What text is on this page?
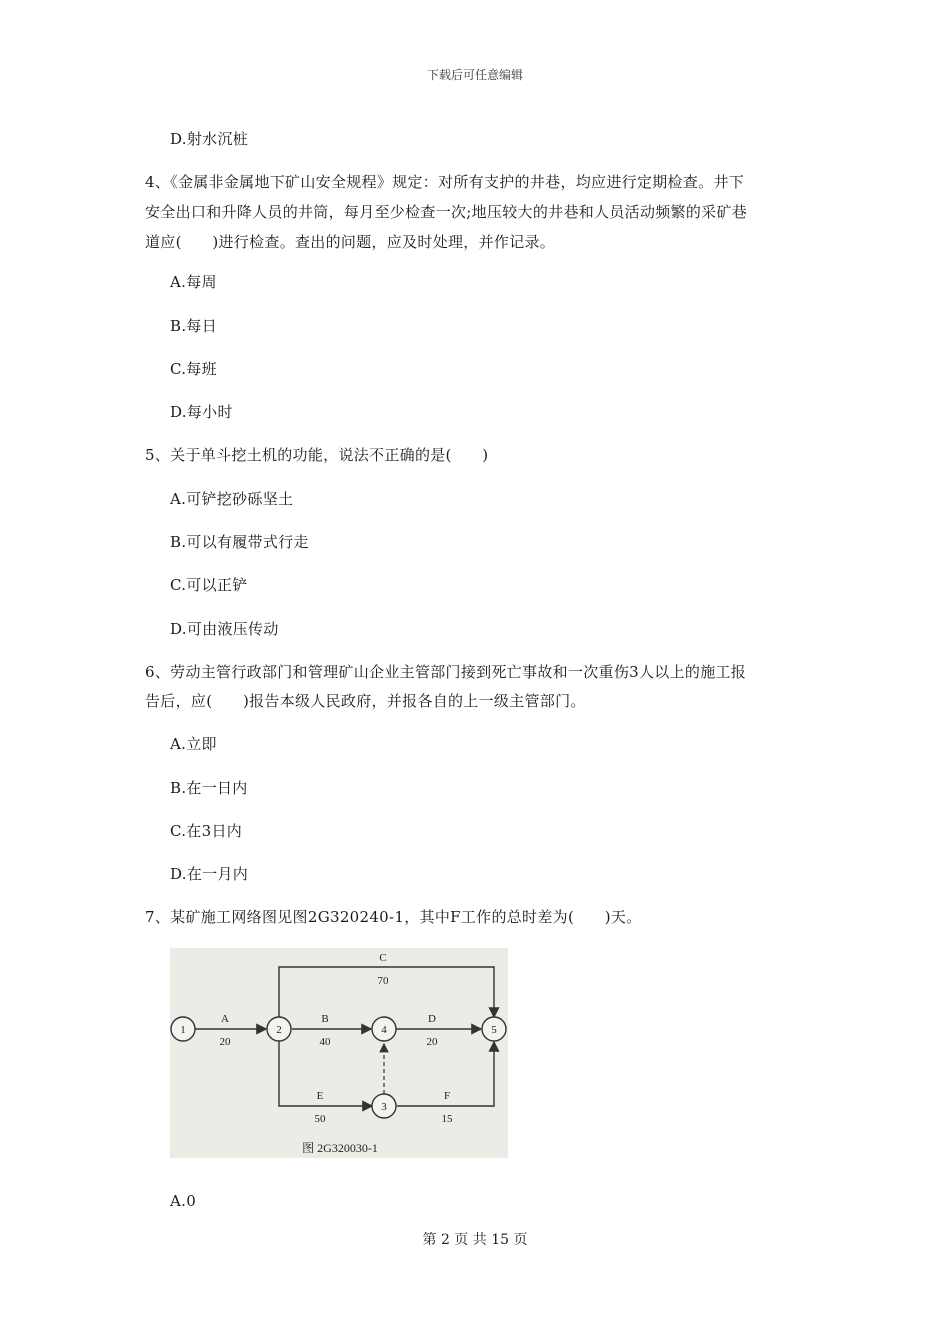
下载后可任意编辑
D.射水沉桩
4、《金属非金属地下矿山安全规程》规定：对所有支护的井巷，均应进行定期检查。井下
安全出口和升降人员的井筒，每月至少检查一次;地压较大的井巷和人员活动频繁的采矿巷
道应(　　)进行检查。查出的问题，应及时处理，并作记录。
A.每周
B.每日
C.每班
D.每小时
5、关于单斗挖土机的功能，说法不正确的是(　　)
A.可铲挖砂砾坚土
B.可以有履带式行走
C.可以正铲
D.可由液压传动
6、劳动主管行政部门和管理矿山企业主管部门接到死亡事故和一次重伤3人以上的施工报
告后，应(　　)报告本级人民政府，并报各自的上一级主管部门。
A.立即
B.在一日内
C.在3日内
D.在一月内
7、某矿施工网络图见图2G320240-1，其中F工作的总时差为(　　)天。
1	2
3
4	5
A
20
B
40
C
70
D
20
E
50
F
15
图 2G320030-1
A.0
第 2 页 共 15 页
